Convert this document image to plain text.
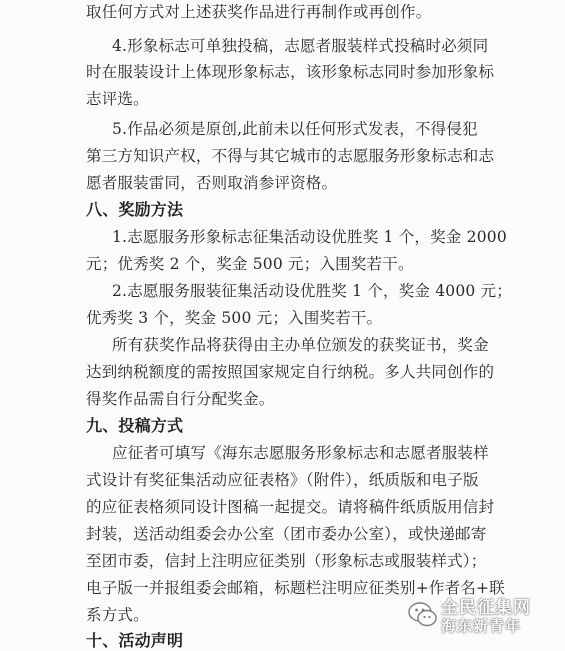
取任何方式对上述获奖作品进行再制作或再创作。
4.形象标志可单独投稿，志愿者服装样式投稿时必须同
时在服装设计上体现形象标志，该形象标志同时参加形象标
志评选。
5.作品必须是原创,此前未以任何形式发表，不得侵犯
第三方知识产权，不得与其它城市的志愿服务形象标志和志
愿者服装雷同，否则取消参评资格。
八、奖励方法
1.志愿服务形象标志征集活动设优胜奖 1 个，奖金 2000
元；优秀奖 2 个，奖金 500 元；入围奖若干。
2.志愿服务服装征集活动设优胜奖 1 个，奖金 4000 元；
优秀奖 3 个，奖金 500 元；入围奖若干。
所有获奖作品将获得由主办单位颁发的获奖证书，奖金
达到纳税额度的需按照国家规定自行纳税。多人共同创作的
得奖作品需自行分配奖金。
九、投稿方式
应征者可填写《海东志愿服务形象标志和志愿者服装样
式设计有奖征集活动应征表格》（附件），纸质版和电子版
的应征表格须同设计图稿一起提交。请将稿件纸质版用信封
封装，送活动组委会办公室（团市委办公室），或快递邮寄
至团市委，信封上注明应征类别（形象标志或服装样式）；
电子版一并报组委会邮箱，标题栏注明应征类别+作者名+联
系方式。
十、活动声明
全民征集网
海东新青年
